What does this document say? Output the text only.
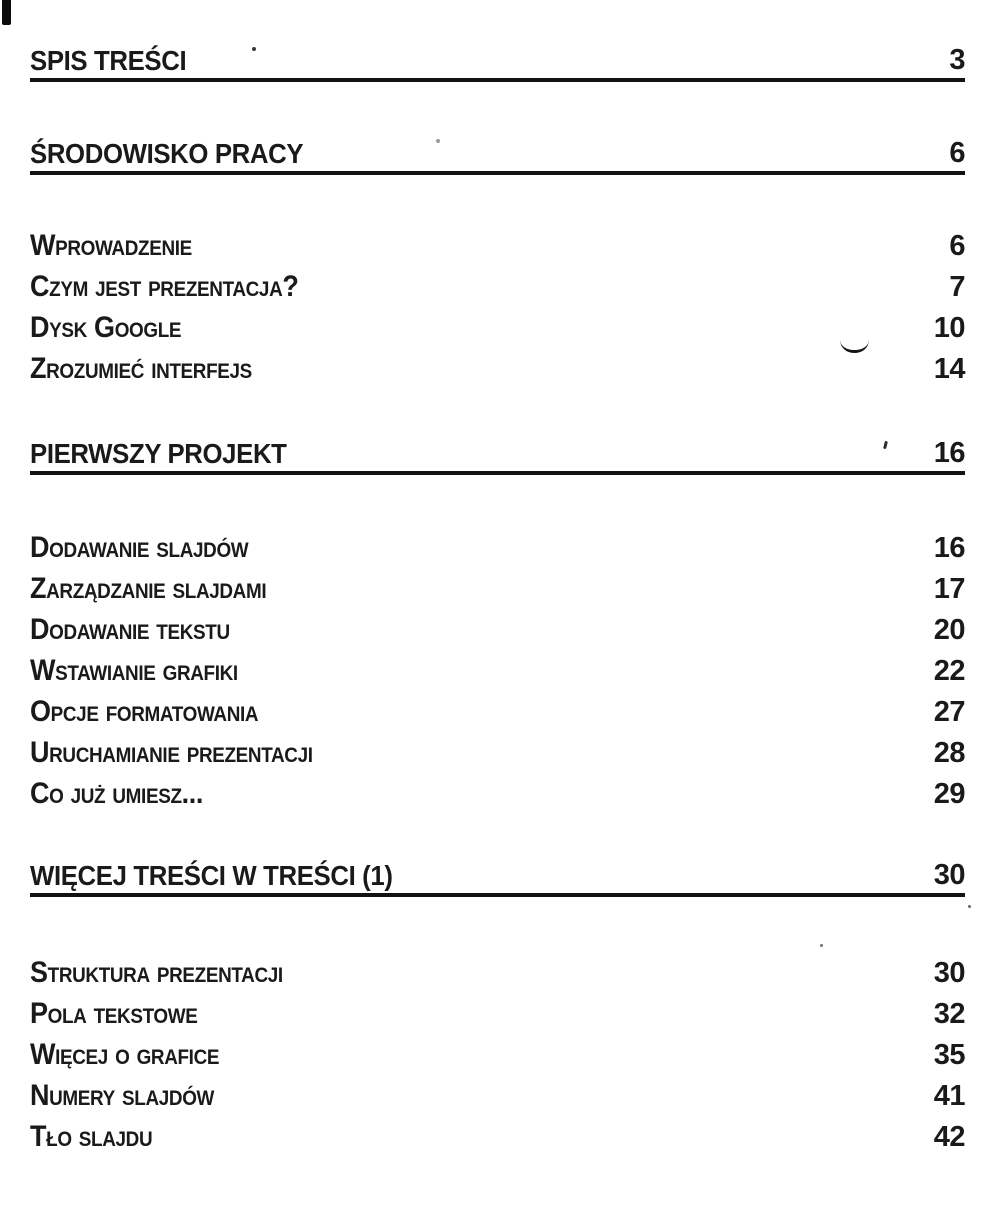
SPIS TREŚCI	3
ŚRODOWISKO PRACY	6
Wprowadzenie	6
Czym jest prezentacja?	7
Dysk Google	10
Zrozumieć interfejs	14
PIERWSZY PROJEKT	16
Dodawanie slajdów	16
Zarządzanie slajdami	17
Dodawanie tekstu	20
Wstawianie grafiki	22
Opcje formatowania	27
Uruchamianie prezentacji	28
Co już umiesz...	29
WIĘCEJ TREŚCI W TREŚCI (1)	30
Struktura prezentacji	30
Pola tekstowe	32
Więcej o grafice	35
Numery slajdów	41
Tło slajdu	42
